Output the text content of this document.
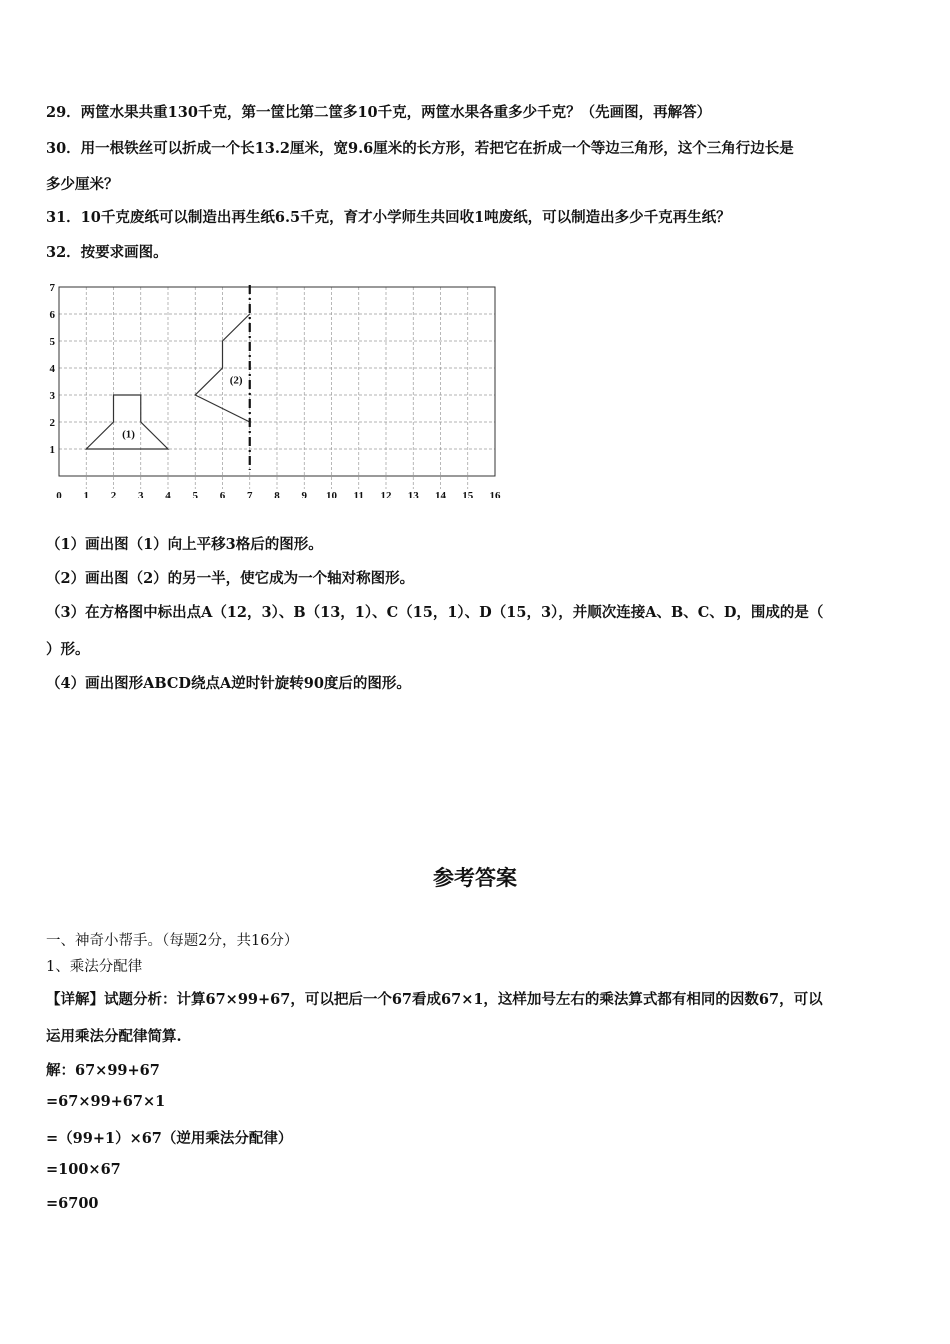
29．两筐水果共重130千克，第一筐比第二筐多10千克，两筐水果各重多少千克？（先画图，再解答）
30．用一根铁丝可以折成一个长13.2厘米，宽9.6厘米的长方形，若把它在折成一个等边三角形，这个三角行边长是
多少厘米？
31．10千克废纸可以制造出再生纸6.5千克，育才小学师生共回收1吨废纸，可以制造出多少千克再生纸？
32．按要求画图。
0 1 2 3 4 5 6 7 8 9 10 11 12 13 14 15 16
1
2
3
4
5
6
7
(1)
(2)
（1）画出图（1）向上平移3格后的图形。
（2）画出图（2）的另一半，使它成为一个轴对称图形。
（3）在方格图中标出点A（12，3）、B（13，1）、C（15，1）、D（15，3），并顺次连接A、B、C、D，围成的是（
）形。
（4）画出图形ABCD绕点A逆时针旋转90度后的图形。
参考答案
一、神奇小帮手。（每题2分，共16分）
1、乘法分配律
【详解】试题分析：计算67×99+67，可以把后一个67看成67×1，这样加号左右的乘法算式都有相同的因数67，可以
运用乘法分配律简算.
解：67×99+67
=67×99+67×1
=（99+1）×67（逆用乘法分配律）
=100×67
=6700
